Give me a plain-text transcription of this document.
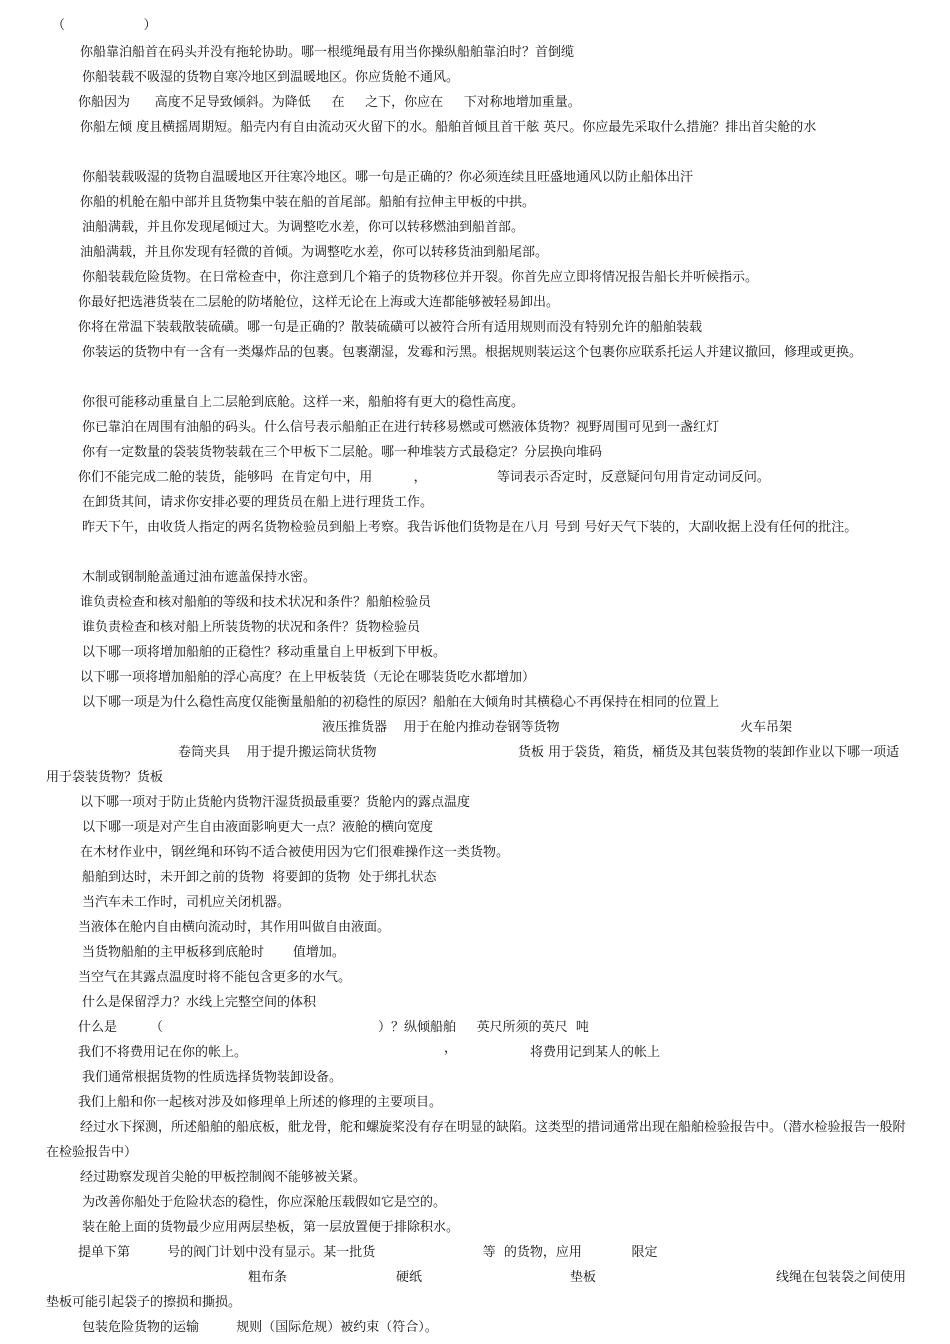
（                   ）
你船靠泊船首在码头并没有拖轮协助。哪一根缆绳最有用当你操纵船舶靠泊时？首倒缆
你船装载不吸湿的货物自寒冷地区到温暖地区。你应货舱不通风。
你船因为      高度不足导致倾斜。为降低     在     之下，你应在     下对称地增加重量。
你船左倾 度且横摇周期短。船壳内有自由流动灭火留下的水。船舶首倾且首干舷 英尺。你应最先采取什么措施？排出首尖舱的水
你船装载吸湿的货物自温暖地区开往寒冷地区。哪一句是正确的？你必须连续且旺盛地通风以防止船体出汗
你船的机舱在船中部并且货物集中装在船的首尾部。船舶有拉伸主甲板的中拱。
油船满载，并且你发现尾倾过大。为调整吃水差，你可以转移燃油到船首部。
油船满载，并且你发现有轻微的首倾。为调整吃水差，你可以转移货油到船尾部。
你船装载危险货物。在日常检查中，你注意到几个箱子的货物移位并开裂。你首先应立即将情况报告船长并听候指示。
你最好把选港货装在二层舱的防堵舱位，这样无论在上海或大连都能够被轻易卸出。
你将在常温下装载散装硫磺。哪一句是正确的？散装硫磺可以被符合所有适用规则而没有特别允许的船舶装载
你装运的货物中有一含有一类爆炸品的包裹。包裹潮湿，发霉和污黑。根据规则装运这个包裹你应联系托运人并建议撤回，修理或更换。
你很可能移动重量自上二层舱到底舱。这样一来，船舶将有更大的稳性高度。
你已靠泊在周围有油船的码头。什么信号表示船舶正在进行转移易燃或可燃液体货物？视野周围可见到一盏红灯
你有一定数量的袋装货物装载在三个甲板下二层舱。哪一种堆装方式最稳定？分层换向堆码
你们不能完成二舱的装货，能够吗  在肯定句中，用          ，                 等词表示否定时，反意疑问句用肯定动词反问。
在卸货其间，请求你安排必要的理货员在船上进行理货工作。
昨天下午，由收货人指定的两名货物检验员到船上考察。我告诉他们货物是在八月 号到 号好天气下装的，大副收据上没有任何的批注。
木制或钢制舱盖通过油布遮盖保持水密。
谁负责检查和核对船舶的等级和技术状况和条件？船舶检验员
谁负责检查和核对船上所装货物的状况和条件？货物检验员
以下哪一项将增加船舶的正稳性？移动重量自上甲板到下甲板。
以下哪一项将增加船舶的浮心高度？在上甲板装货（无论在哪装货吃水都增加）
以下哪一项是为什么稳性高度仅能衡量船舶的初稳性的原因？船舶在大倾角时其横稳心不再保持在相同的位置上
液压推货器    用于在舱内推动卷钢等货物	火车吊架
卷筒夹具    用于提升搬运筒状货物	货板 用于袋货，箱货，桶货及其包装货物的装卸作业以下哪一项适用于袋装货物？货板
以下哪一项对于防止货舱内货物汗湿货损最重要？货舱内的露点温度
以下哪一项是对产生自由液面影响更大一点？液舱的横向宽度
在木材作业中，钢丝绳和环钩不适合被使用因为它们很难操作这一类货物。
船舶到达时，未开卸之前的货物  将要卸的货物  处于绑扎状态
当汽车未工作时，司机应关闭机器。
当液体在舱内自由横向流动时，其作用叫做自由液面。
当货物船舶的主甲板移到底舱时       值增加。
当空气在其露点温度时将不能包含更多的水气。
什么是保留浮力？水线上完整空间的体积
什么是        （                                                    ）？纵倾船舶     英尺所须的英尺  吨
我们不将费用记在你的帐上。	，	将费用记到某人的帐上
我们通常根据货物的性质选择货物装卸设备。
我们上船和你一起核对涉及如修理单上所述的修理的主要项目。
经过水下探测，所述船舶的船底板，舭龙骨，舵和螺旋桨没有存在明显的缺陷。这类型的措词通常出现在船舶检验报告中。（潜水检验报告一般附在检验报告中）
经过勘察发现首尖舱的甲板控制阀不能够被关紧。
为改善你船处于危险状态的稳性，你应深舱压载假如它是空的。
装在舱上面的货物最少应用两层垫板，第一层放置便于排除积水。
提单下第         号的阀门计划中没有显示。某一批货                          等  的货物，应用            限定
粗布条	硬纸	垫板	线绳在包装袋之间使用垫板可能引起袋子的擦损和撕损。
包装危险货物的运输         规则（国际危规）被约束（符合）。
